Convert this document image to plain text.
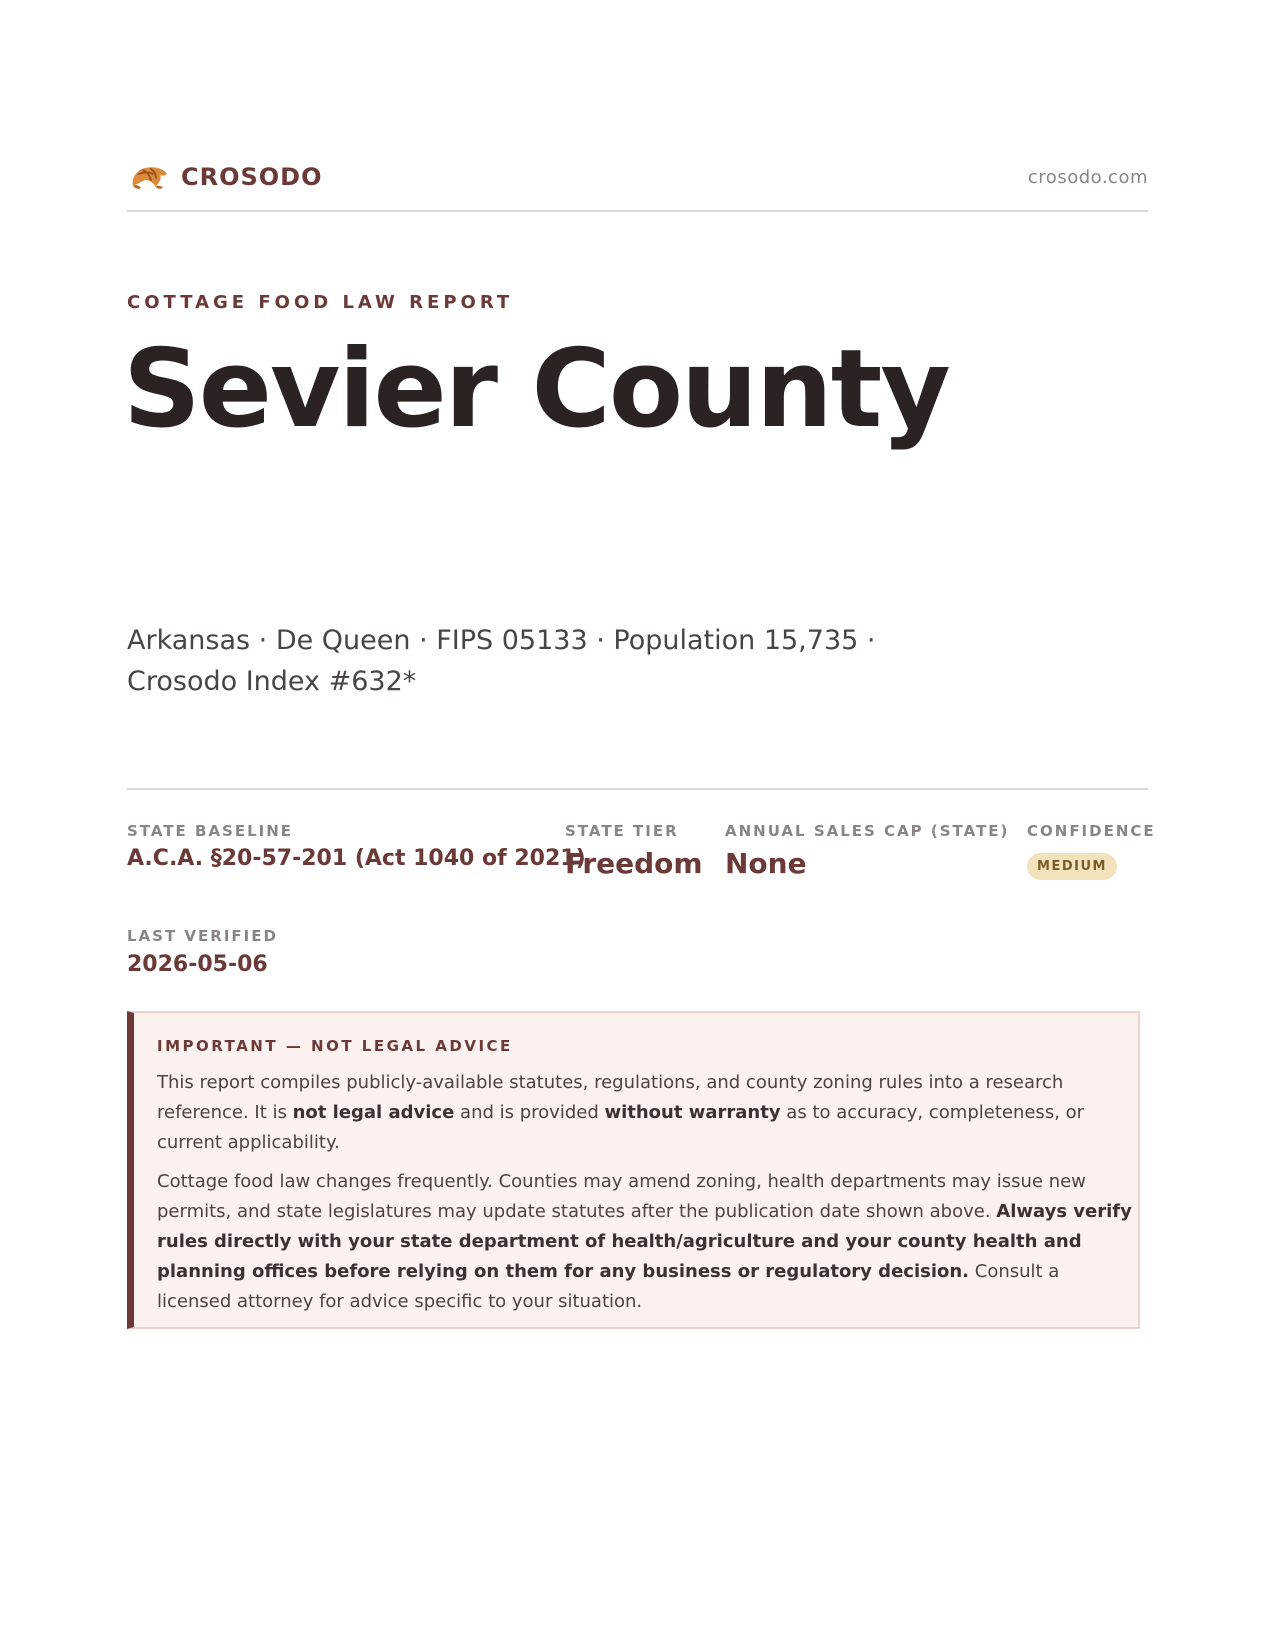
CROSODO	crosodo.com
COTTAGE FOOD LAW REPORT
Sevier County
Arkansas · De Queen · FIPS 05133 · Population 15,735 ·
Crosodo Index #632*
STATE BASELINE
A.C.A. §20-57-201 (Act 1040 of 2021)
STATE TIER
Freedom
ANNUAL SALES CAP (STATE)
None
CONFIDENCE
MEDIUM
LAST VERIFIED
2026-05-06
IMPORTANT — NOT LEGAL ADVICE

This report compiles publicly-available statutes, regulations, and county zoning rules into a research reference. It is not legal advice and is provided without warranty as to accuracy, completeness, or current applicability.

Cottage food law changes frequently. Counties may amend zoning, health departments may issue new permits, and state legislatures may update statutes after the publication date shown above. Always verify rules directly with your state department of health/agriculture and your county health and planning offices before relying on them for any business or regulatory decision. Consult a licensed attorney for advice specific to your situation.
